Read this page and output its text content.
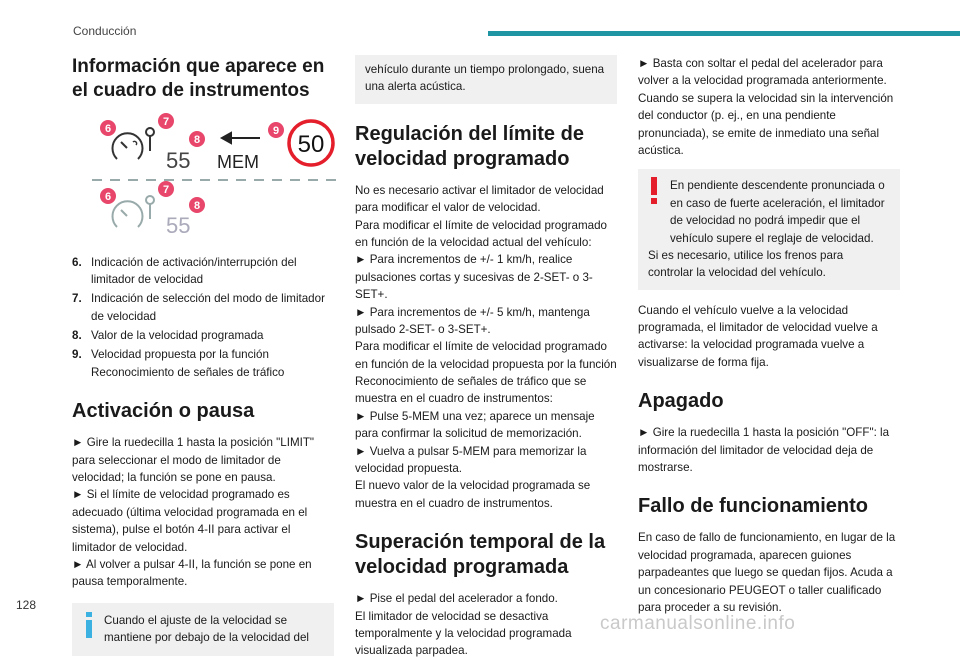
Conducción
Información que aparece en el cuadro de instrumentos
55 MEM
50
6
7
8
9
55
6
7
8
6. Indicación de activación/interrupción del limitador de velocidad
7. Indicación de selección del modo de limitador de velocidad
8. Valor de la velocidad programada
9. Velocidad propuesta por la función Reconocimiento de señales de tráfico
Activación o pausa

► Gire la ruedecilla 1 hasta la posición "LIMIT" para seleccionar el modo de limitador de velocidad; la función se pone en pausa.

► Si el límite de velocidad programado es adecuado (última velocidad programada en el sistema), pulse el botón 4-II para activar el limitador de velocidad.

► Al volver a pulsar 4-II, la función se pone en pausa temporalmente.

Cuando el ajuste de la velocidad se mantiene por debajo de la velocidad del

vehículo durante un tiempo prolongado, suena una alerta acústica.

Regulación del límite de velocidad programado

No es necesario activar el limitador de velocidad para modificar el valor de velocidad.

Para modificar el límite de velocidad programado en función de la velocidad actual del vehículo:

► Para incrementos de +/- 1 km/h, realice pulsaciones cortas y sucesivas de 2-SET- o 3-SET+.

► Para incrementos de +/- 5 km/h, mantenga pulsado 2-SET- o 3-SET+.

Para modificar el límite de velocidad programado en función de la velocidad propuesta por la función Reconocimiento de señales de tráfico que se muestra en el cuadro de instrumentos:

► Pulse 5-MEM una vez; aparece un mensaje para confirmar la solicitud de memorización.

► Vuelva a pulsar 5-MEM para memorizar la velocidad propuesta.

El nuevo valor de la velocidad programada se muestra en el cuadro de instrumentos.

Superación temporal de la velocidad programada

► Pise el pedal del acelerador a fondo.

El limitador de velocidad se desactiva temporalmente y la velocidad programada visualizada parpadea.

► Basta con soltar el pedal del acelerador para volver a la velocidad programada anteriormente.

Cuando se supera la velocidad sin la intervención del conductor (p. ej., en una pendiente pronunciada), se emite de inmediato una señal acústica.

En pendiente descendente pronunciada o en caso de fuerte aceleración, el limitador de velocidad no podrá impedir que el vehículo supere el reglaje de velocidad.

Si es necesario, utilice los frenos para controlar la velocidad del vehículo.

Cuando el vehículo vuelve a la velocidad programada, el limitador de velocidad vuelve a activarse: la velocidad programada vuelve a visualizarse de forma fija.

Apagado

► Gire la ruedecilla 1 hasta la posición "OFF": la información del limitador de velocidad deja de mostrarse.

Fallo de funcionamiento

En caso de fallo de funcionamiento, en lugar de la velocidad programada, aparecen guiones parpadeantes que luego se quedan fijos. Acuda a un concesionario PEUGEOT o taller cualificado para proceder a su revisión.

128
carmanualsonline.info
